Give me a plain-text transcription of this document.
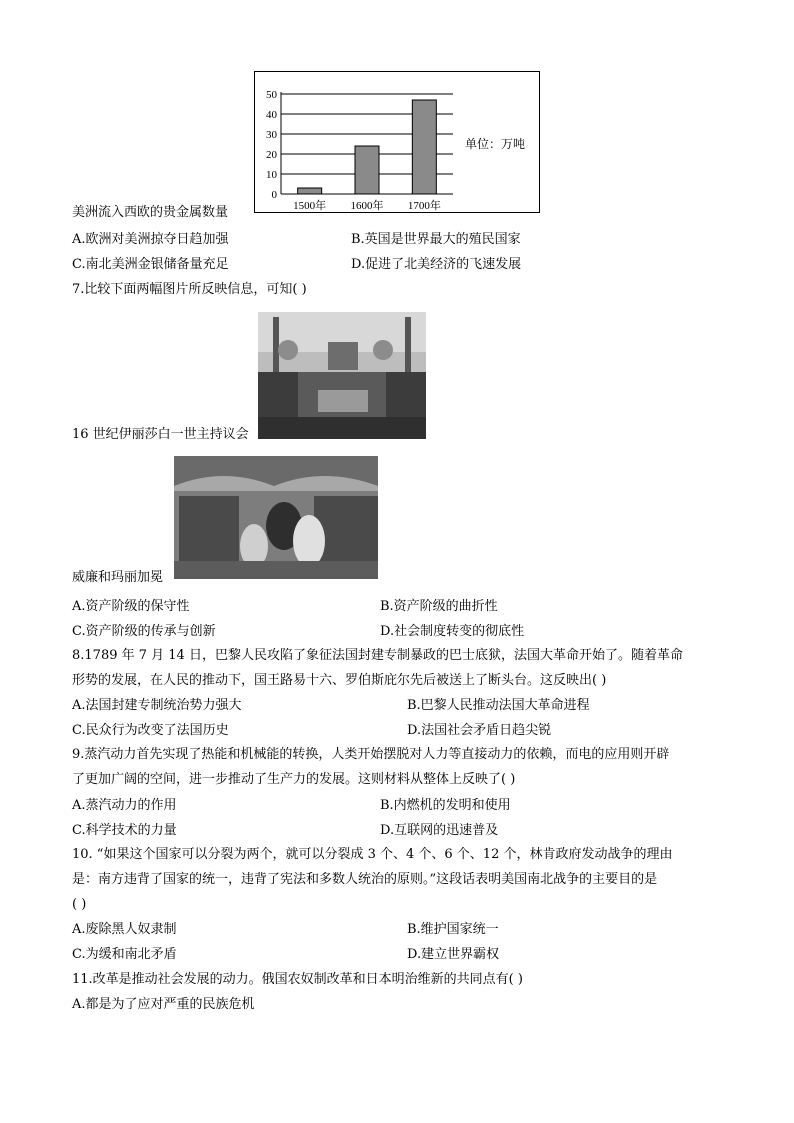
0
10
20
30
40
50
1500年 1600年 1700年
单位：万吨
美洲流入西欧的贵金属数量
A.欧洲对美洲掠夺日趋加强	B.英国是世界最大的殖民国家
C.南北美洲金银储备量充足	D.促进了北美经济的飞速发展
7.比较下面两幅图片所反映信息，可知( )
16 世纪伊丽莎白一世主持议会
威廉和玛丽加冕
A.资产阶级的保守性	B.资产阶级的曲折性
C.资产阶级的传承与创新	D.社会制度转变的彻底性
8.1789 年 7 月 14 日，巴黎人民攻陷了象征法国封建专制暴政的巴士底狱，法国大革命开始了。随着革命
形势的发展，在人民的推动下，国王路易十六、罗伯斯庇尔先后被送上了断头台。这反映出( )
A.法国封建专制统治势力强大	B.巴黎人民推动法国大革命进程
C.民众行为改变了法国历史	D.法国社会矛盾日趋尖锐
9.蒸汽动力首先实现了热能和机械能的转换，人类开始摆脱对人力等直接动力的依赖，而电的应用则开辟
了更加广阔的空间，进一步推动了生产力的发展。这则材料从整体上反映了( )
A.蒸汽动力的作用	B.内燃机的发明和使用
C.科学技术的力量	D.互联网的迅速普及
10. “如果这个国家可以分裂为两个，就可以分裂成 3 个、4 个、6 个、12 个，林肯政府发动战争的理由
是：南方违背了国家的统一，违背了宪法和多数人统治的原则。”这段话表明美国南北战争的主要目的是
( )
A.废除黑人奴隶制	B.维护国家统一
C.为缓和南北矛盾	D.建立世界霸权
11.改革是推动社会发展的动力。俄国农奴制改革和日本明治维新的共同点有( )
A.都是为了应对严重的民族危机
